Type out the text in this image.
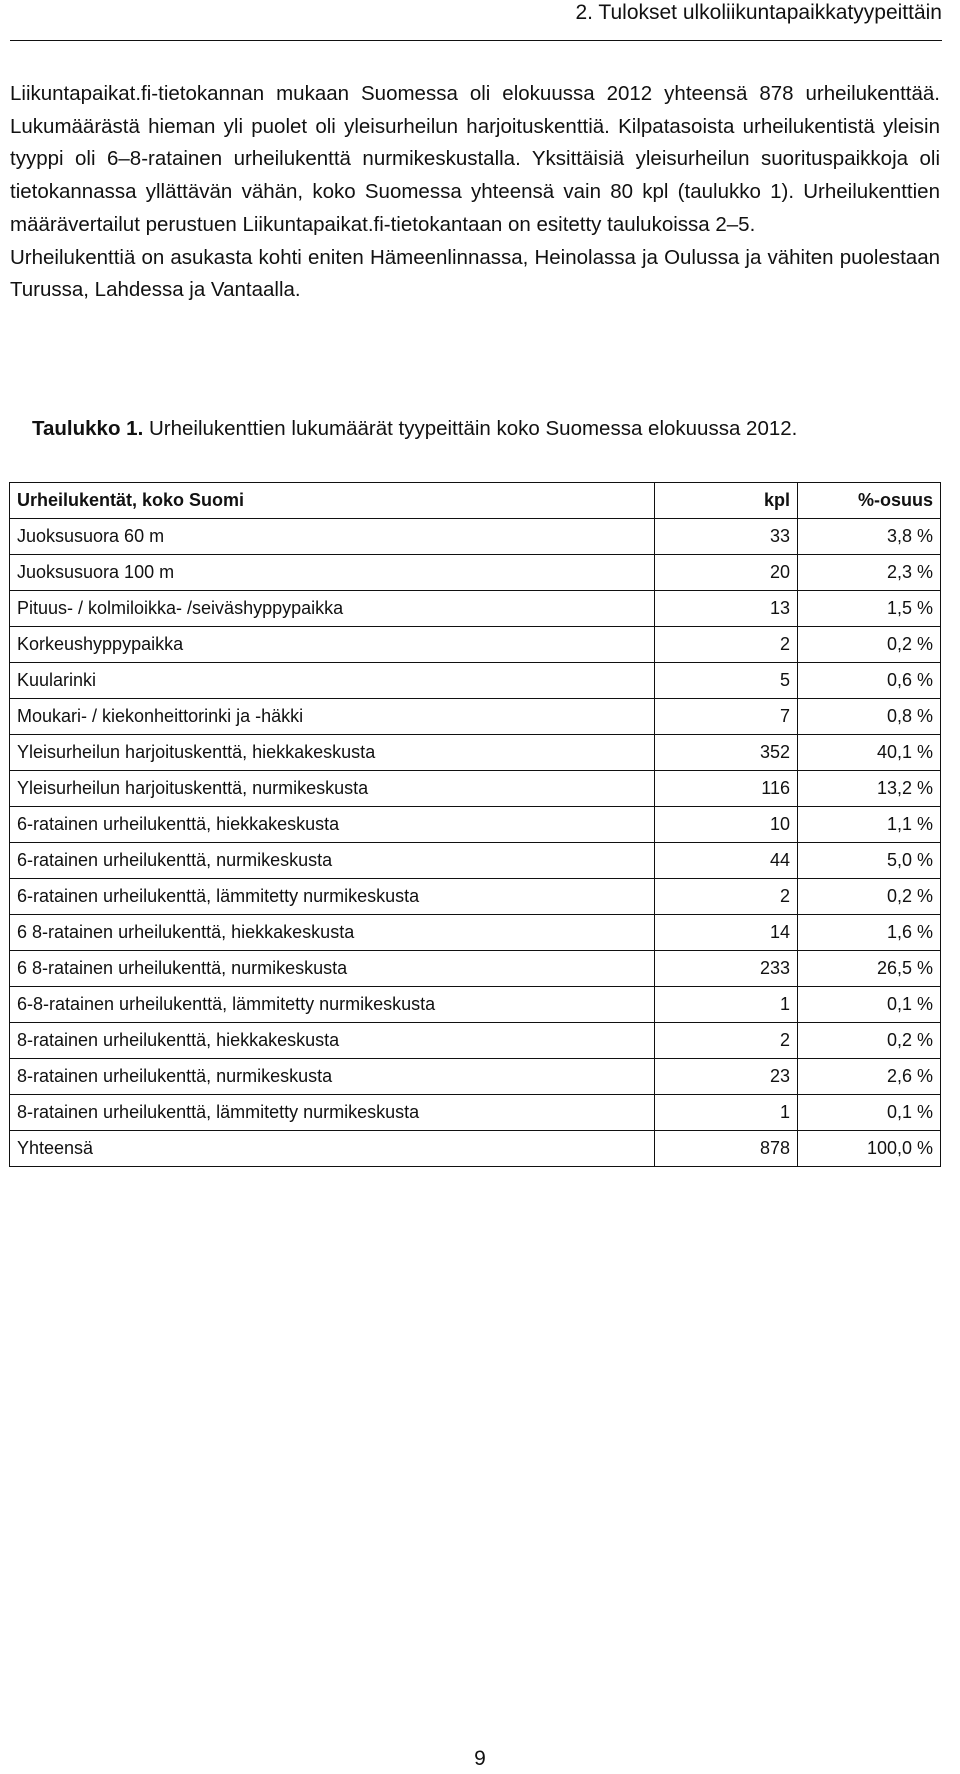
2. Tulokset ulkoliikuntapaikkatyypeittäin

Liikuntapaikat.fi-tietokannan mukaan Suomessa oli elokuussa 2012 yhteensä 878 urheilukenttää. Lukumäärästä hieman yli puolet oli yleisurheilun harjoituskenttiä. Kilpatasoista urheilukentistä yleisin tyyppi oli 6–8-ratainen urheilukenttä nurmikeskustalla. Yksittäisiä yleisurheilun suorituspaikkoja oli tietokannassa yllättävän vähän, koko Suomessa yhteensä vain 80 kpl (taulukko 1). Urheilukenttien määrävertailut perustuen Liikuntapaikat.fi-tietokantaan on esitetty taulukoissa 2–5.

Urheilukenttiä on asukasta kohti eniten Hämeenlinnassa, Heinolassa ja Oulussa ja vähiten puolestaan Turussa, Lahdessa ja Vantaalla.

Taulukko 1. Urheilukenttien lukumäärät tyypeittäin koko Suomessa elokuussa 2012.
Urheilukentät, koko Suomi	kpl	%-osuus
Juoksusuora 60 m	33	3,8 %
Juoksusuora 100 m	20	2,3 %
Pituus- / kolmiloikka- /seiväshyppypaikka	13	1,5 %
Korkeushyppypaikka	2	0,2 %
Kuularinki	5	0,6 %
Moukari- / kiekonheittorinki ja -häkki	7	0,8 %
Yleisurheilun harjoituskenttä, hiekkakeskusta	352	40,1 %
Yleisurheilun harjoituskenttä, nurmikeskusta	116	13,2 %
6-ratainen urheilukenttä, hiekkakeskusta	10	1,1 %
6-ratainen urheilukenttä, nurmikeskusta	44	5,0 %
6-ratainen urheilukenttä, lämmitetty nurmikeskusta	2	0,2 %
6 8-ratainen urheilukenttä, hiekkakeskusta	14	1,6 %
6 8-ratainen urheilukenttä, nurmikeskusta	233	26,5 %
6-8-ratainen urheilukenttä, lämmitetty nurmikeskusta	1	0,1 %
8-ratainen urheilukenttä, hiekkakeskusta	2	0,2 %
8-ratainen urheilukenttä, nurmikeskusta	23	2,6 %
8-ratainen urheilukenttä, lämmitetty nurmikeskusta	1	0,1 %
Yhteensä	878	100,0 %
9
